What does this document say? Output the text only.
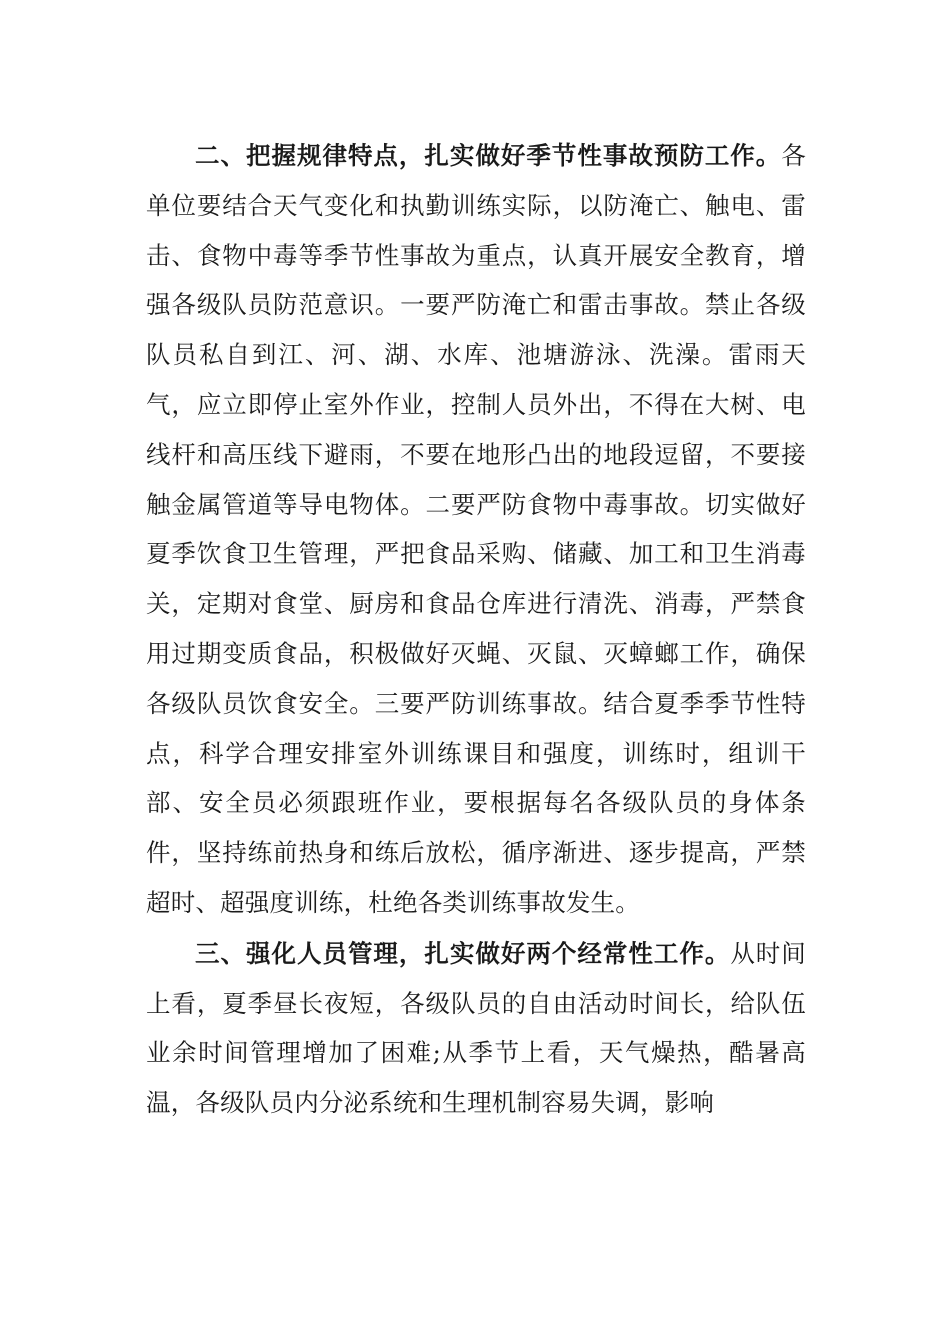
二、把握规律特点，扎实做好季节性事故预防工作。各单位要结合天气变化和执勤训练实际，以防淹亡、触电、雷击、食物中毒等季节性事故为重点，认真开展安全教育，增强各级队员防范意识。一要严防淹亡和雷击事故。禁止各级队员私自到江、河、湖、水库、池塘游泳、洗澡。雷雨天气，应立即停止室外作业，控制人员外出，不得在大树、电线杆和高压线下避雨，不要在地形凸出的地段逗留，不要接触金属管道等导电物体。二要严防食物中毒事故。切实做好夏季饮食卫生管理，严把食品采购、储藏、加工和卫生消毒关，定期对食堂、厨房和食品仓库进行清洗、消毒，严禁食用过期变质食品，积极做好灭蝇、灭鼠、灭蟑螂工作，确保各级队员饮食安全。三要严防训练事故。结合夏季季节性特点，科学合理安排室外训练课目和强度，训练时，组训干部、安全员必须跟班作业，要根据每名各级队员的身体条件，坚持练前热身和练后放松，循序渐进、逐步提高，严禁超时、超强度训练，杜绝各类训练事故发生。

三、强化人员管理，扎实做好两个经常性工作。从时间上看，夏季昼长夜短，各级队员的自由活动时间长，给队伍业余时间管理增加了困难;从季节上看，天气燥热，酷暑高温，各级队员内分泌系统和生理机制容易失调，影响
